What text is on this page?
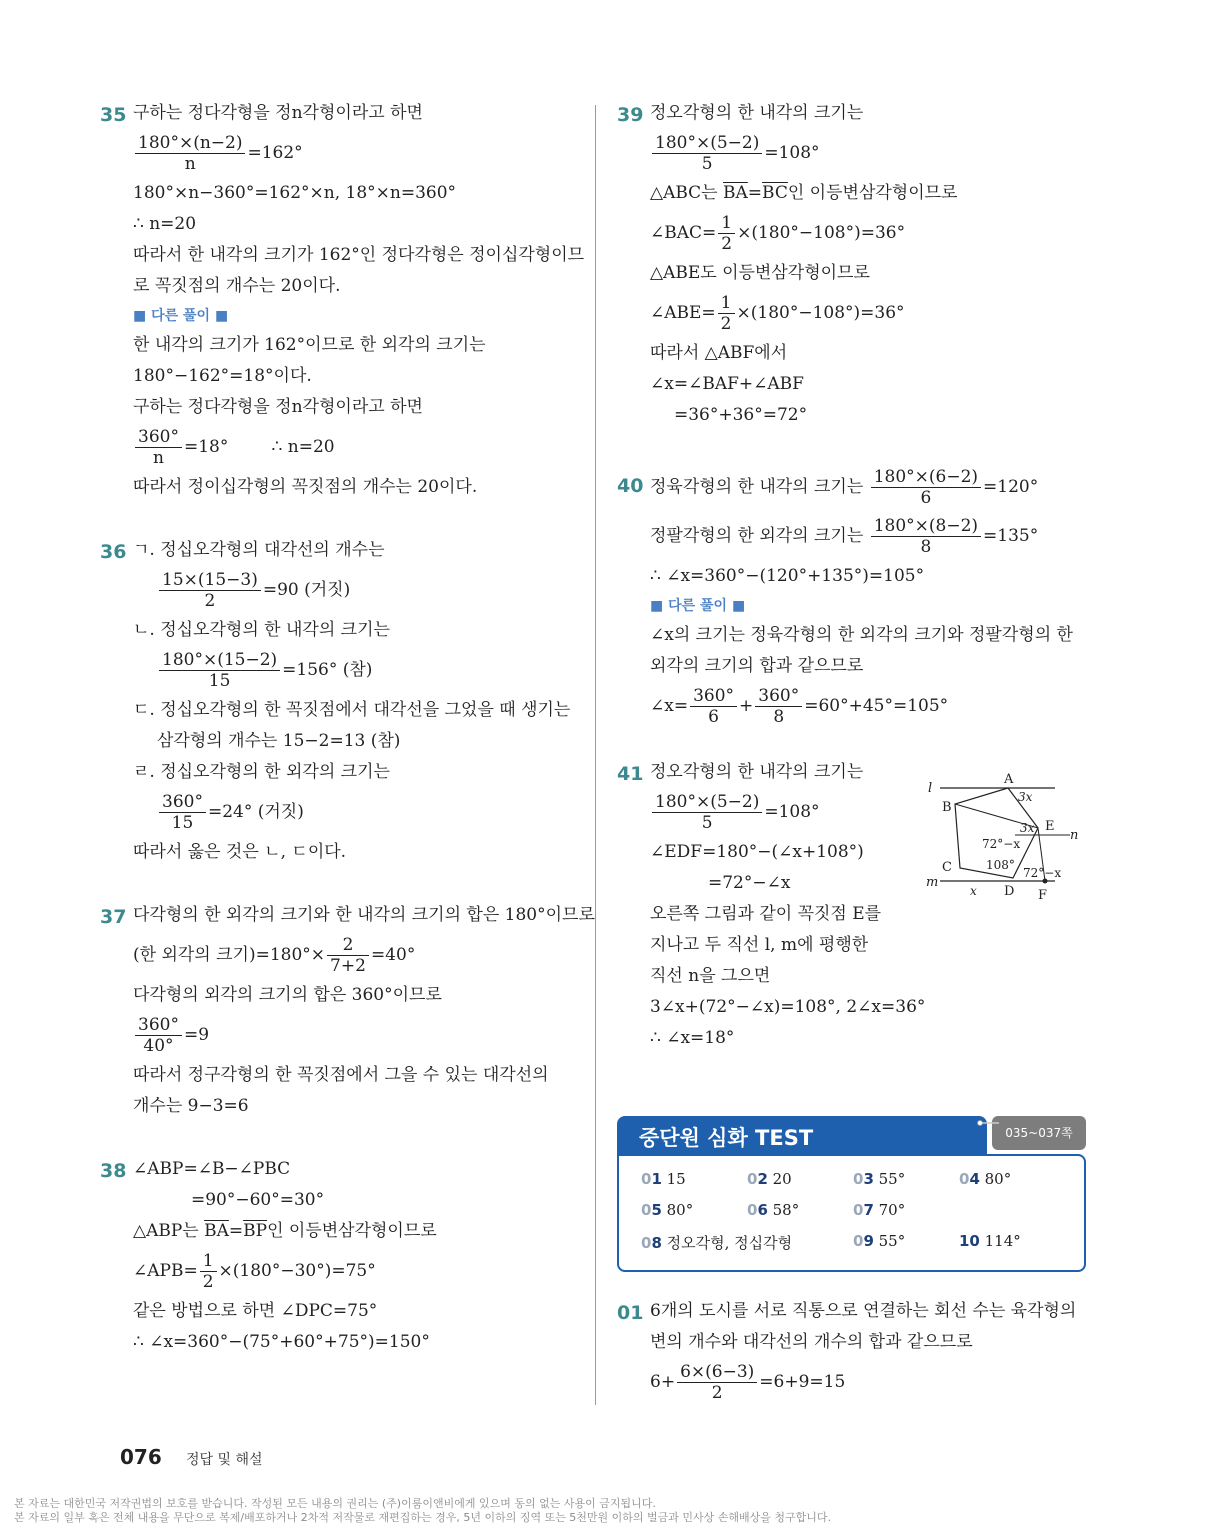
35 구하는 정다각형을 정n각형이라고 하면
$\frac{180^\circ\times(n-2)}{n} =162^\circ$
180°×n−360°=162°×n, 18°×n=360°
∴ n=20
따라서 한 내각의 크기가 162°인 정다각형은 정이십각형이므
로 꼭짓점의 개수는 20이다.
■ 다른 풀이 ■
한 내각의 크기가 162°이므로 한 외각의 크기는
180°−162°=18°이다.
구하는 정다각형을 정n각형이라고 하면
$\frac{360^\circ}{n} =18^\circ$        ∴ n=20
따라서 정이십각형의 꼭짓점의 개수는 20이다.
36 ㄱ. 정십오각형의 대각선의 개수는
$\frac{15\times(15-3)}{2} =90$ (거짓)
ㄴ. 정십오각형의 한 내각의 크기는
$\frac{180^\circ\times(15-2)}{15} =156^\circ$ (참)
ㄷ. 정십오각형의 한 꼭짓점에서 대각선을 그었을 때 생기는
삼각형의 개수는 15−2=13 (참)
ㄹ. 정십오각형의 한 외각의 크기는
$\frac{360^\circ}{15} =24^\circ$ (거짓)
따라서 옳은 것은 ㄴ, ㄷ이다.
37 다각형의 한 외각의 크기와 한 내각의 크기의 합은 180°이므로
(한 외각의 크기)$=180^\circ\times \frac{2}{7+2} =40^\circ$
다각형의 외각의 크기의 합은 360°이므로
$\frac{360^\circ}{40^\circ} =9$
따라서 정구각형의 한 꼭짓점에서 그을 수 있는 대각선의
개수는 9−3=6
38 ∠ABP=∠B−∠PBC
=90°−60°=30°
△ABP는 $\overline{BA}=\overline{BP}$인 이등변삼각형이므로
∠APB= $\frac{1}{2} \times(180^\circ-30^\circ)=75^\circ$
같은 방법으로 하면 ∠DPC=75°
∴ ∠x=360°−(75°+60°+75°)=150°
39 정오각형의 한 내각의 크기는
$\frac{180^\circ\times(5-2)}{5} =108^\circ$
△ABC는 $\overline{BA}=\overline{BC}$인 이등변삼각형이므로
∠BAC= $\frac{1}{2} \times(180^\circ-108^\circ)=36^\circ$
△ABE도 이등변삼각형이므로
∠ABE= $\frac{1}{2} \times(180^\circ-108^\circ)=36^\circ$
따라서 △ABF에서
∠x=∠BAF+∠ABF
=36°+36°=72°
40 정육각형의 한 내각의 크기는 $\frac{180^\circ\times(6-2)}{6} =120^\circ$
정팔각형의 한 외각의 크기는 $\frac{180^\circ\times(8-2)}{8} =135^\circ$
∴ ∠x=360°−(120°+135°)=105°
■ 다른 풀이 ■
∠x의 크기는 정육각형의 한 외각의 크기와 정팔각형의 한
외각의 크기의 합과 같으므로
∠x= $\frac{360^\circ}{6} + \frac{360^\circ}{8} =60^\circ+45^\circ=105^\circ$
41 정오각형의 한 내각의 크기는
$\frac{180^\circ\times(5-2)}{5} =108^\circ$
∠EDF=180°−(∠x+108°)
=72°−∠x
오른쪽 그림과 같이 꼭짓점 E를
지나고 두 직선 l, m에 평행한
직선 n을 그으면
3∠x+(72°−∠x)=108°, 2∠x=36°
∴ ∠x=18°
l
m
n
A
B
C
D
E
F
3x
3x
72°−x
108°
72°−x
x
중단원 심화 TEST	035~037쪽
01 15	02 20	03 55°	04 80°
05 80°	06 58°	07 70°
08 정오각형, 정십각형	09 55°	10 114°
01 6개의 도시를 서로 직통으로 연결하는 회선 수는 육각형의
변의 개수와 대각선의 개수의 합과 같으므로
$6+ \frac{6\times(6-3)}{2} =6+9=15$
076 정답 및 해설
본 자료는 대한민국 저작권법의 보호를 받습니다. 작성된 모든 내용의 권리는 (주)이룸이앤비에게 있으며 동의 없는 사용이 금지됩니다.
본 자료의 일부 혹은 전체 내용을 무단으로 복제/배포하거나 2차적 저작물로 재편집하는 경우, 5년 이하의 징역 또는 5천만원 이하의 벌금과 민사상 손해배상을 청구합니다.
